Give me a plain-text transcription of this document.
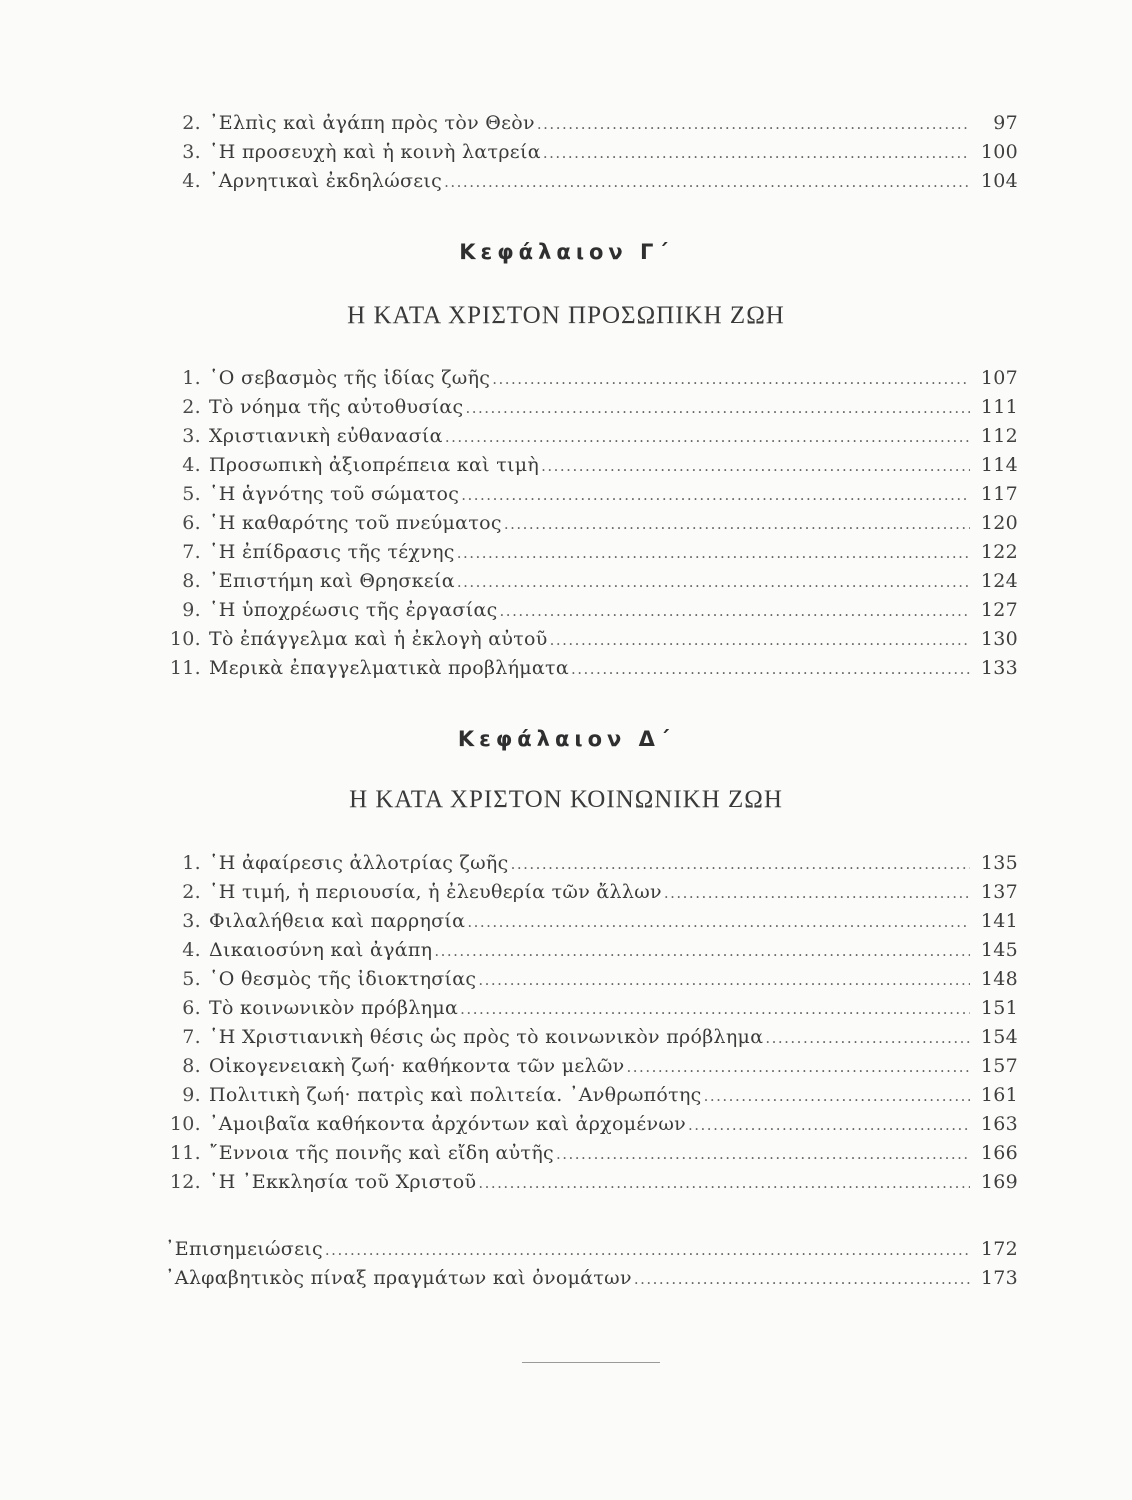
2. ᾿Ελπὶς καὶ ἀγάπη πρὸς τὸν Θεὸν .....	97
3. ῾Η προσευχὴ καὶ ἡ κοινὴ λατρεία .....	100
4. ᾿Αρνητικαὶ ἐκδηλώσεις .....	104
Κεφάλαιον Γ΄
Η ΚΑΤΑ ΧΡΙΣΤΟΝ ΠΡΟΣΩΠΙΚΗ ΖΩΗ
1. ῾Ο σεβασμὸς τῆς ἰδίας ζωῆς .....	107
2. Τὸ νόημα τῆς αὐτοθυσίας .....	111
3. Χριστιανικὴ εὐθανασία .....	112
4. Προσωπικὴ ἀξιοπρέπεια καὶ τιμὴ .....	114
5. ῾Η ἁγνότης τοῦ σώματος .....	117
6. ῾Η καθαρότης τοῦ πνεύματος .....	120
7. ῾Η ἐπίδρασις τῆς τέχνης .....	122
8. ᾿Επιστήμη καὶ Θρησκεία .....	124
9. ῾Η ὑποχρέωσις τῆς ἐργασίας .....	127
10. Τὸ ἐπάγγελμα καὶ ἡ ἐκλογὴ αὐτοῦ .....	130
11. Μερικὰ ἐπαγγελματικὰ προβλήματα .....	133
Κεφάλαιον Δ΄
Η ΚΑΤΑ ΧΡΙΣΤΟΝ ΚΟΙΝΩΝΙΚΗ ΖΩΗ
1. ῾Η ἀφαίρεσις ἀλλοτρίας ζωῆς .....	135
2. ῾Η τιμή, ἡ περιουσία, ἡ ἐλευθερία τῶν ἄλλων .....	137
3. Φιλαλήθεια καὶ παρρησία .....	141
4. Δικαιοσύνη καὶ ἀγάπη .....	145
5. ῾Ο θεσμὸς τῆς ἰδιοκτησίας .....	148
6. Τὸ κοινωνικὸν πρόβλημα .....	151
7. ῾Η Χριστιανικὴ θέσις ὡς πρὸς τὸ κοινωνικὸν πρόβλημα .....	154
8. Οἰκογενειακὴ ζωή· καθήκοντα τῶν μελῶν .....	157
9. Πολιτικὴ ζωή· πατρὶς καὶ πολιτεία. ᾿Ανθρωπότης .....	161
10. ᾿Αμοιβαῖα καθήκοντα ἀρχόντων καὶ ἀρχομένων .....	163
11. ῎Εννοια τῆς ποινῆς καὶ εἴδη αὐτῆς .....	166
12. ῾Η ᾿Εκκλησία τοῦ Χριστοῦ .....	169
᾿Επισημειώσεις .....	172
᾿Αλφαβητικὸς πίναξ πραγμάτων καὶ ὀνομάτων .....	173
